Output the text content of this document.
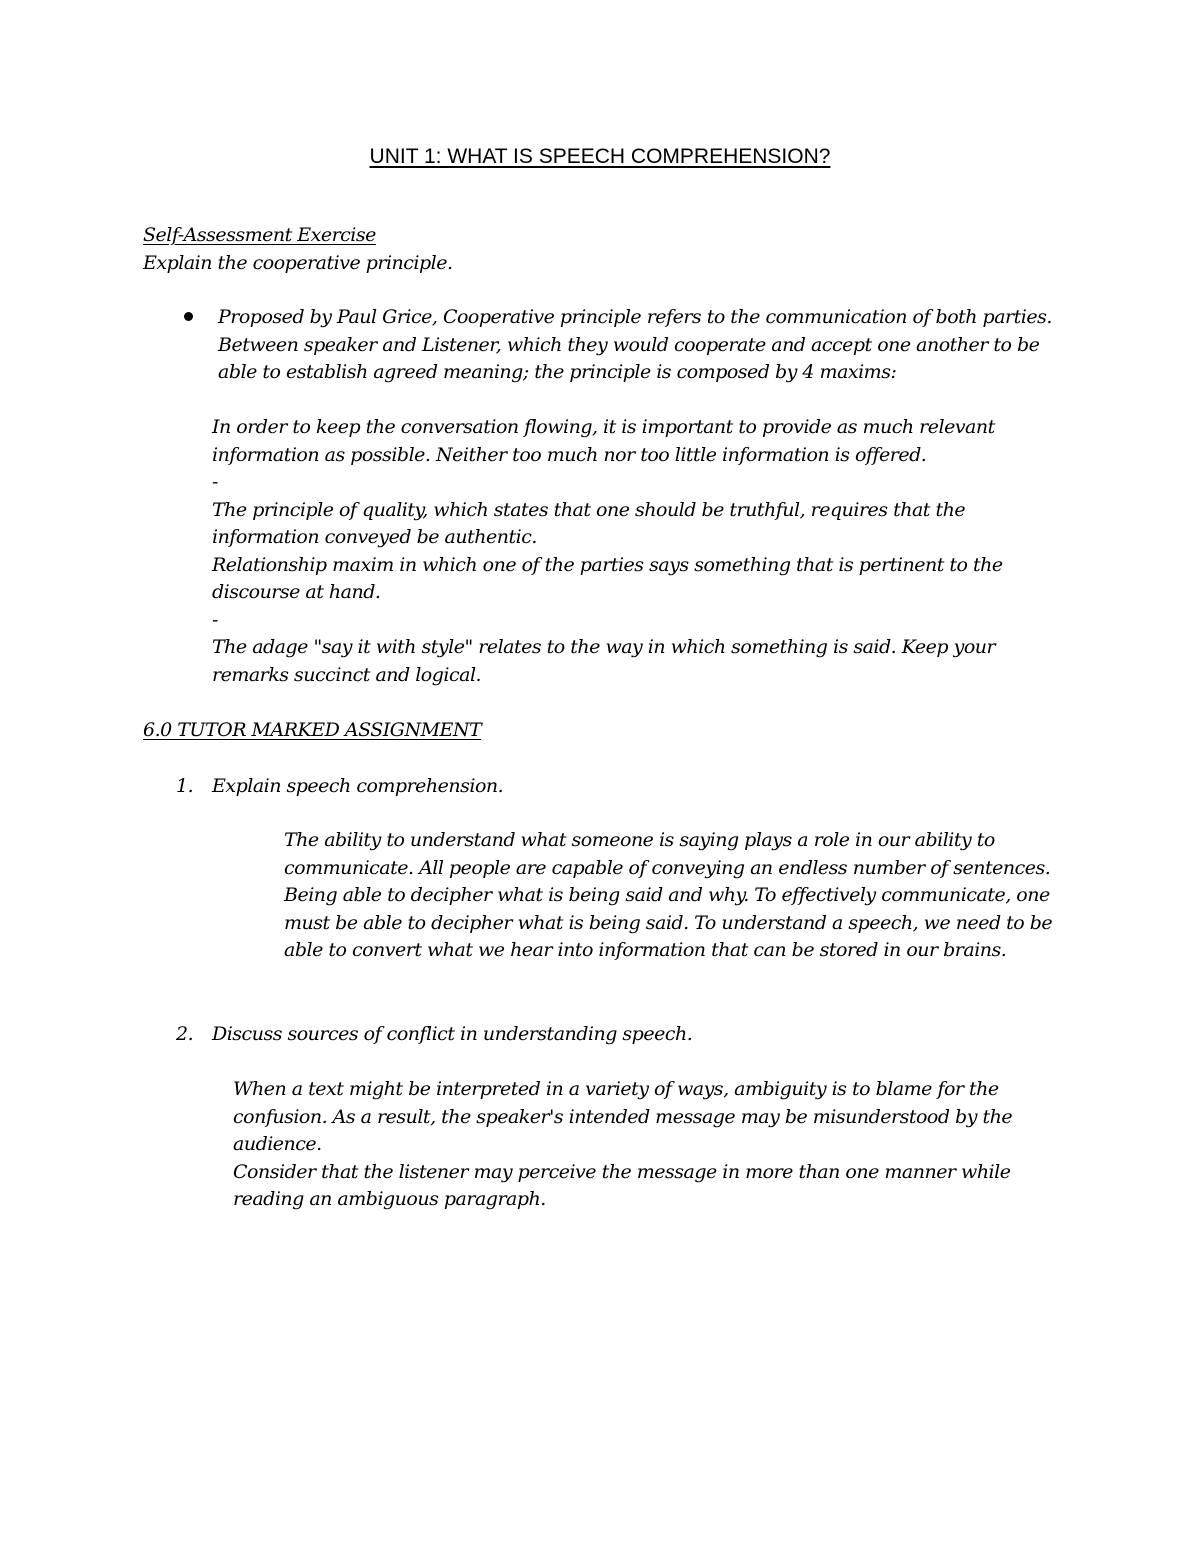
UNIT 1: WHAT IS SPEECH COMPREHENSION?
Self-Assessment Exercise
Explain the cooperative principle.
Proposed by Paul Grice, Cooperative principle refers to the communication of both parties. Between speaker and Listener, which they would cooperate and accept one another to be able to establish agreed meaning; the principle is composed by 4 maxims:

In order to keep the conversation flowing, it is important to provide as much relevant information as possible. Neither too much nor too little information is offered.

-

The principle of quality, which states that one should be truthful, requires that the information conveyed be authentic.

Relationship maxim in which one of the parties says something that is pertinent to the discourse at hand.

-

The adage "say it with style" relates to the way in which something is said. Keep your remarks succinct and logical.

6.0 TUTOR MARKED ASSIGNMENT
1. Explain speech comprehension.
The ability to understand what someone is saying plays a role in our ability to communicate. All people are capable of conveying an endless number of sentences. Being able to decipher what is being said and why. To effectively communicate, one must be able to decipher what is being said. To understand a speech, we need to be able to convert what we hear into information that can be stored in our brains.
2. Discuss sources of conflict in understanding speech.

When a text might be interpreted in a variety of ways, ambiguity is to blame for the confusion. As a result, the speaker's intended message may be misunderstood by the audience.

Consider that the listener may perceive the message in more than one manner while reading an ambiguous paragraph.
